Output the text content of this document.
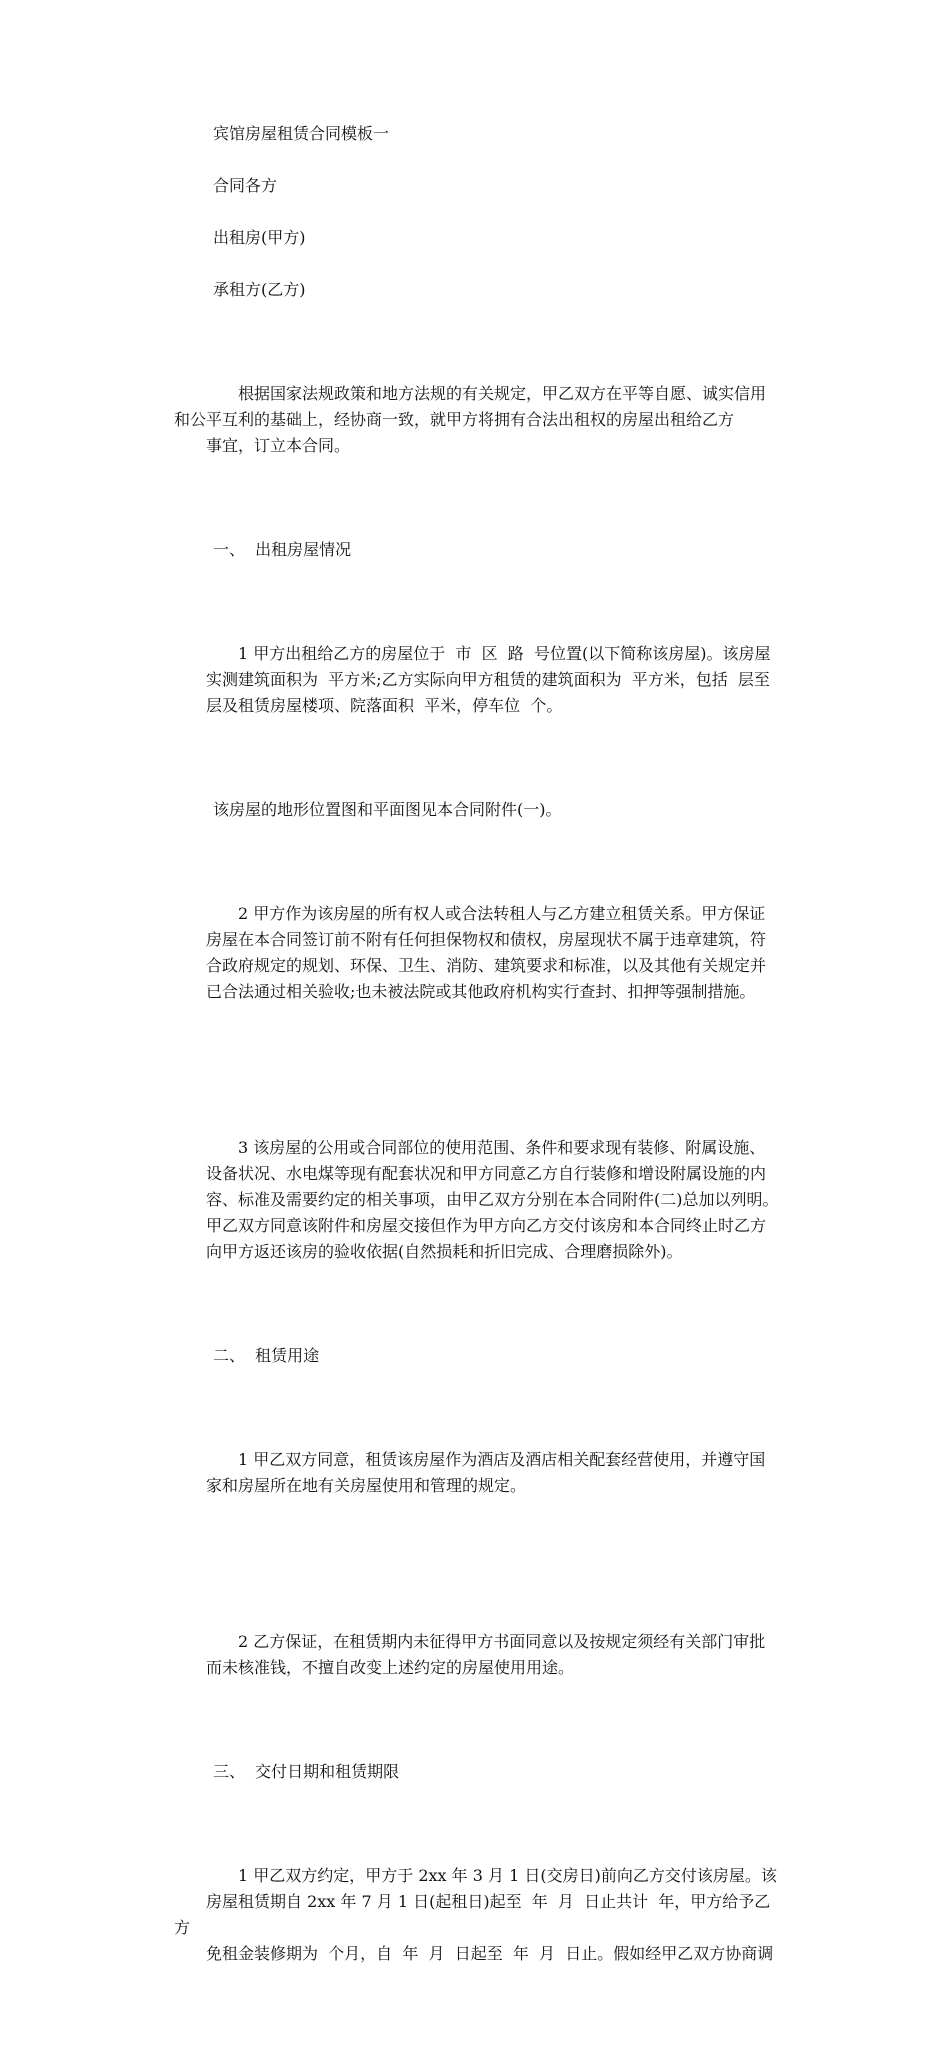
宾馆房屋租赁合同模板一

合同各方

出租房(甲方)

承租方(乙方)

根据国家法规政策和地方法规的有关规定，甲乙双方在平等自愿、诚实信用
和公平互利的基础上，经协商一致，就甲方将拥有合法出租权的房屋出租给乙方
事宜，订立本合同。

一、  出租房屋情况

1 甲方出租给乙方的房屋位于  市  区  路  号位置(以下简称该房屋)。该房屋
实测建筑面积为  平方米;乙方实际向甲方租赁的建筑面积为  平方米，包括  层至
层及租赁房屋楼项、院落面积  平米，停车位  个。

该房屋的地形位置图和平面图见本合同附件(一)。

2 甲方作为该房屋的所有权人或合法转租人与乙方建立租赁关系。甲方保证
房屋在本合同签订前不附有任何担保物权和债权，房屋现状不属于违章建筑，符
合政府规定的规划、环保、卫生、消防、建筑要求和标准，以及其他有关规定并
已合法通过相关验收;也未被法院或其他政府机构实行查封、扣押等强制措施。

3 该房屋的公用或合同部位的使用范围、条件和要求现有装修、附属设施、
设备状况、水电煤等现有配套状况和甲方同意乙方自行装修和增设附属设施的内
容、标准及需要约定的相关事项，由甲乙双方分别在本合同附件(二)总加以列明。
甲乙双方同意该附件和房屋交接但作为甲方向乙方交付该房和本合同终止时乙方
向甲方返还该房的验收依据(自然损耗和折旧完成、合理磨损除外)。

二、  租赁用途

1 甲乙双方同意，租赁该房屋作为酒店及酒店相关配套经营使用，并遵守国
家和房屋所在地有关房屋使用和管理的规定。

2 乙方保证，在租赁期内未征得甲方书面同意以及按规定须经有关部门审批
而未核准钱，不擅自改变上述约定的房屋使用用途。

三、  交付日期和租赁期限

1 甲乙双方约定，甲方于 2xx 年 3 月 1 日(交房日)前向乙方交付该房屋。该
房屋租赁期自 2xx 年 7 月 1 日(起租日)起至  年  月  日止共计  年，甲方给予乙方
免租金装修期为  个月，自  年  月  日起至  年  月  日止。假如经甲乙双方协商调
